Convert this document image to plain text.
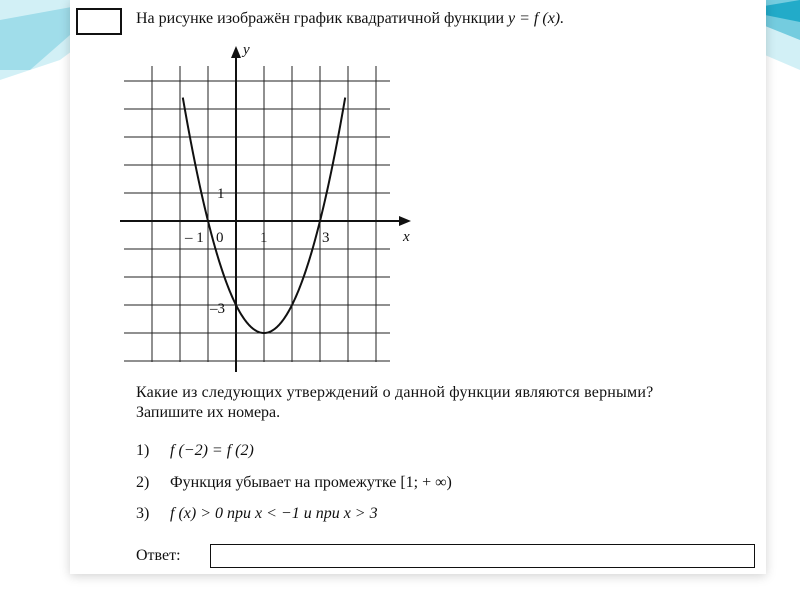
На рисунке изображён график квадратичной функции y = f (x).
y
x
– 1 0 1	3
1
–3
Какие из следующих утверждений о данной функции являются верными?
Запишите их номера.
1) f (−2) = f (2)
2) Функция убывает на промежутке [1; + ∞)
3) f (x) > 0 при x < −1 и при x > 3
Ответ:
